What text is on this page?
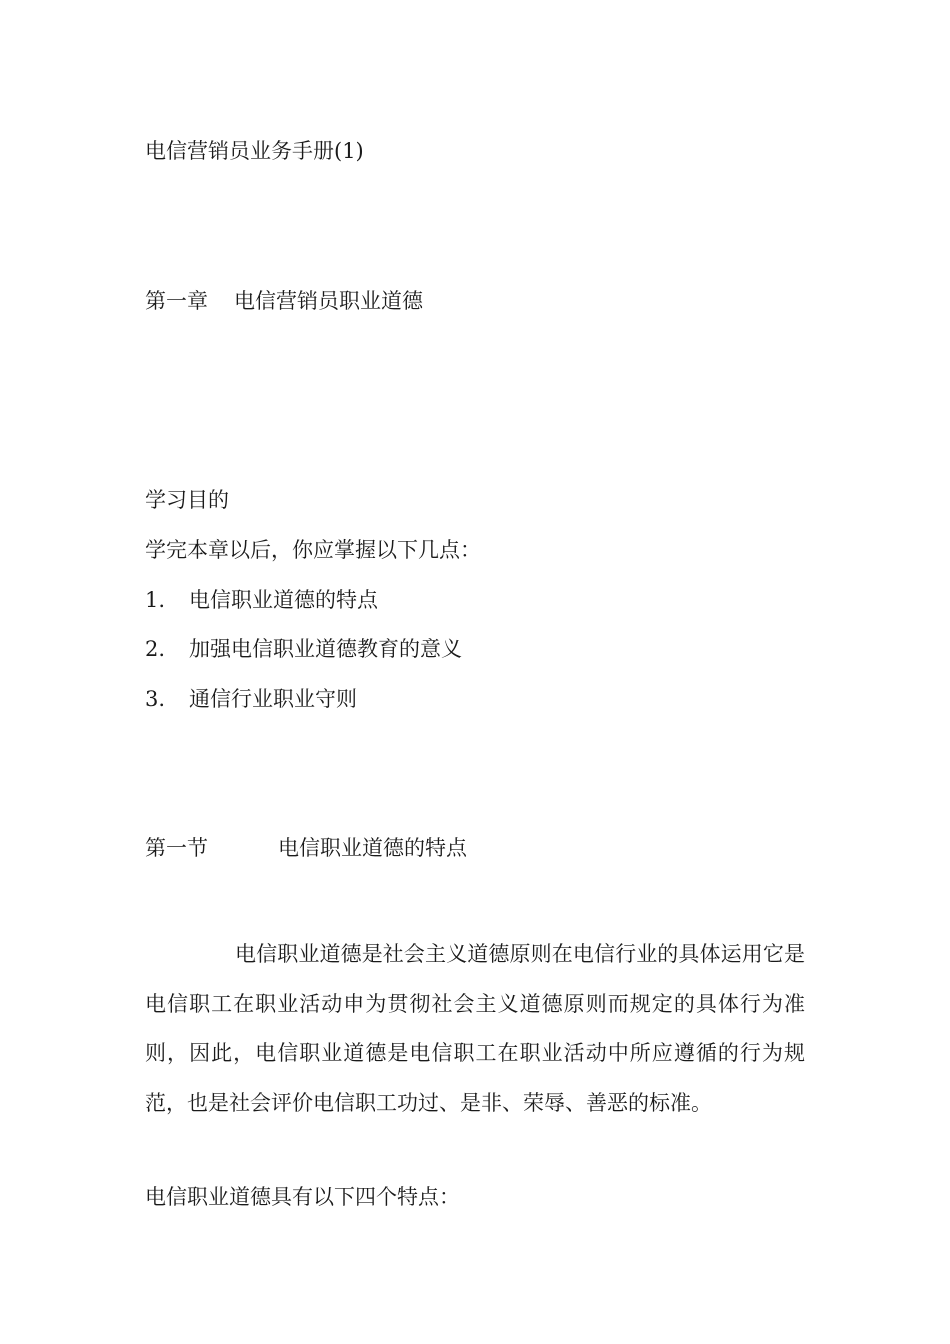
电信营销员业务手册(1)
第一章 电信营销员职业道德
学习目的
学完本章以后，你应掌握以下几点：
1. 电信职业道德的特点
2. 加强电信职业道德教育的意义
3. 通信行业职业守则
第一节	电信职业道德的特点
电信职业道德是社会主义道德原则在电信行业的具体运用它是电信职工在职业活动申为贯彻社会主义道德原则而规定的具体行为准则，因此，电信职业道德是电信职工在职业活动中所应遵循的行为规范，也是社会评价电信职工功过、是非、荣辱、善恶的标准。
电信职业道德具有以下四个特点：
